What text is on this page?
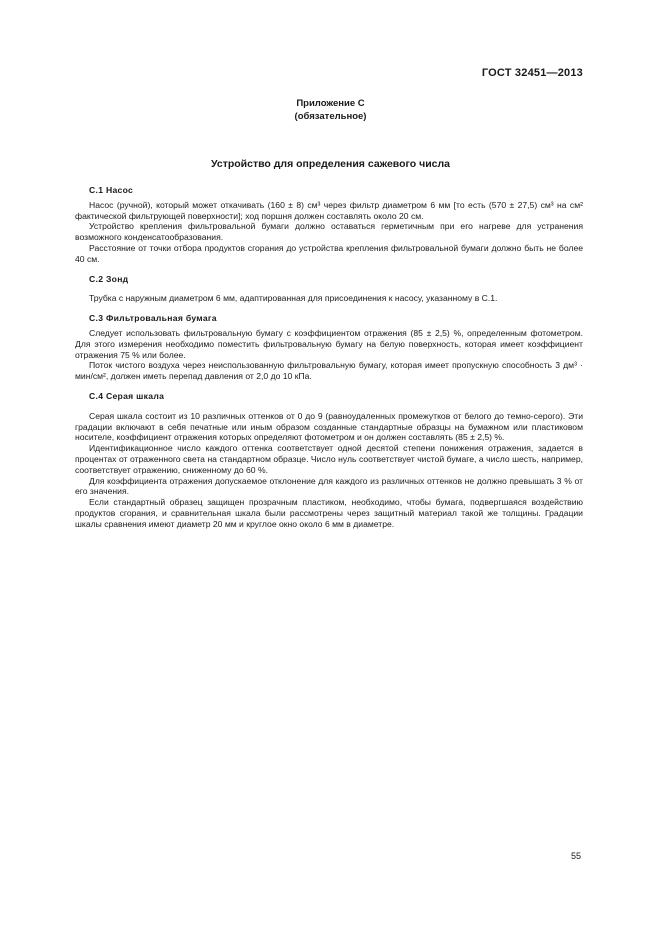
ГОСТ 32451—2013
Приложение С
(обязательное)
Устройство для определения сажевого числа
С.1 Насос

Насос (ручной), который может откачивать (160 ± 8) см³ через фильтр диаметром 6 мм [то есть (570 ± 27,5) см³ на см² фактической фильтрующей поверхности]; ход поршня должен составлять около 20 см.

Устройство крепления фильтровальной бумаги должно оставаться герметичным при его нагреве для устранения возможного конденсатообразования.

Расстояние от точки отбора продуктов сгорания до устройства крепления фильтровальной бумаги должно быть не более 40 см.

С.2 Зонд

Трубка с наружным диаметром 6 мм, адаптированная для присоединения к насосу, указанному в С.1.

С.3 Фильтровальная бумага

Следует использовать фильтровальную бумагу с коэффициентом отражения (85 ± 2,5) %, определенным фотометром. Для этого измерения необходимо поместить фильтровальную бумагу на белую поверхность, которая имеет коэффициент отражения 75 % или более.

Поток чистого воздуха через неиспользованную фильтровальную бумагу, которая имеет пропускную способность 3 дм³ · мин/см², должен иметь перепад давления от 2,0 до 10 кПа.

С.4 Серая шкала

Серая шкала состоит из 10 различных оттенков от 0 до 9 (равноудаленных промежутков от белого до темно-серого). Эти градации включают в себя печатные или иным образом созданные стандартные образцы на бумажном или пластиковом носителе, коэффициент отражения которых определяют фотометром и он должен составлять (85 ± 2,5) %.

Идентификационное число каждого оттенка соответствует одной десятой степени понижения отражения, задается в процентах от отраженного света на стандартном образце. Число нуль соответствует чистой бумаге, а число шесть, например, соответствует отражению, сниженному до 60 %.

Для коэффициента отражения допускаемое отклонение для каждого из различных оттенков не должно превышать 3 % от его значения.

Если стандартный образец защищен прозрачным пластиком, необходимо, чтобы бумага, подвергшаяся воздействию продуктов сгорания, и сравнительная шкала были рассмотрены через защитный материал такой же толщины. Градации шкалы сравнения имеют диаметр 20 мм и круглое окно около 6 мм в диаметре.

55
